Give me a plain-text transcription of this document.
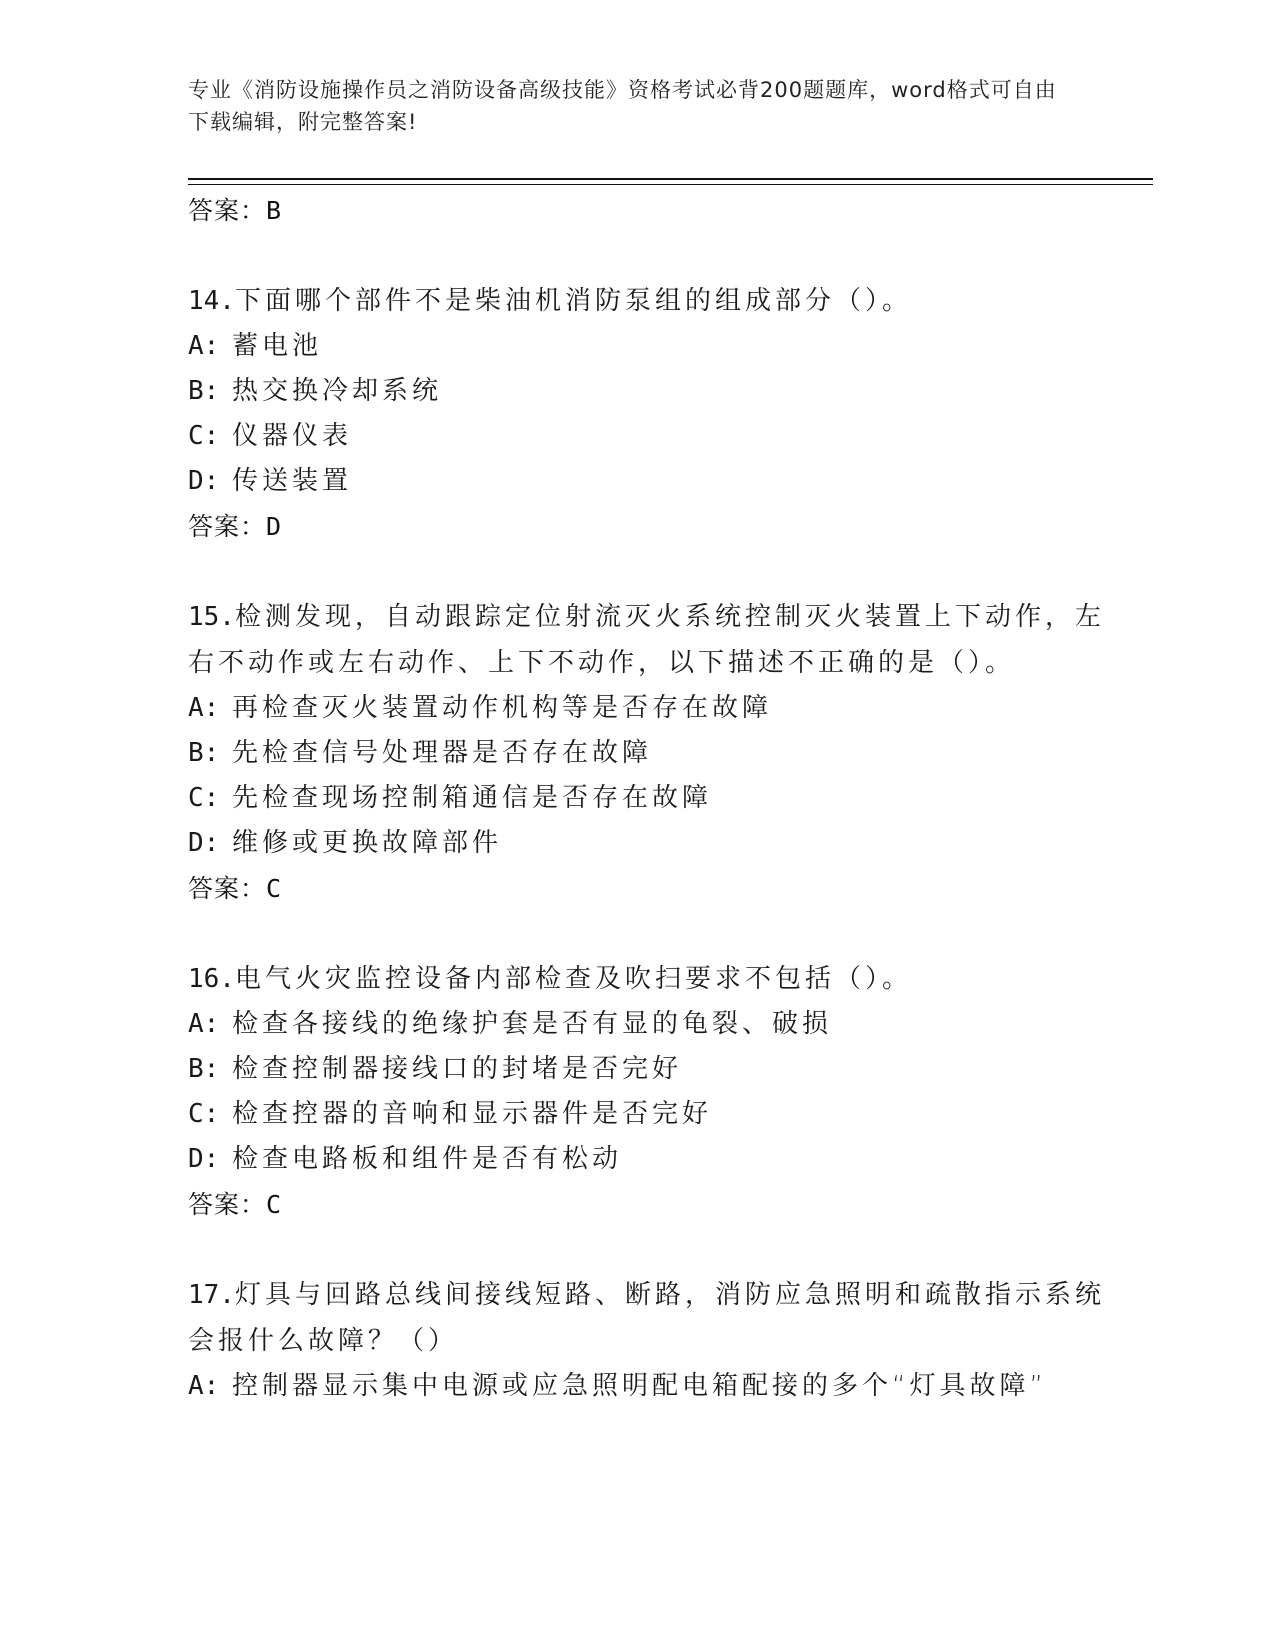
专业《消防设施操作员之消防设备高级技能》资格考试必背200题题库，word格式可自由下载编辑，附完整答案!
答案：B
14.下面哪个部件不是柴油机消防泵组的组成部分（）。
A: 蓄电池
B: 热交换冷却系统
C: 仪器仪表
D: 传送装置
答案：D
15.检测发现，自动跟踪定位射流灭火系统控制灭火装置上下动作，左右不动作或左右动作、上下不动作，以下描述不正确的是（）。
A: 再检查灭火装置动作机构等是否存在故障
B: 先检查信号处理器是否存在故障
C: 先检查现场控制箱通信是否存在故障
D: 维修或更换故障部件
答案：C
16.电气火灾监控设备内部检查及吹扫要求不包括（）。
A: 检查各接线的绝缘护套是否有显的龟裂、破损
B: 检查控制器接线口的封堵是否完好
C: 检查控器的音响和显示器件是否完好
D: 检查电路板和组件是否有松动
答案：C
17.灯具与回路总线间接线短路、断路，消防应急照明和疏散指示系统会报什么故障？（）
A: 控制器显示集中电源或应急照明配电箱配接的多个“灯具故障”
